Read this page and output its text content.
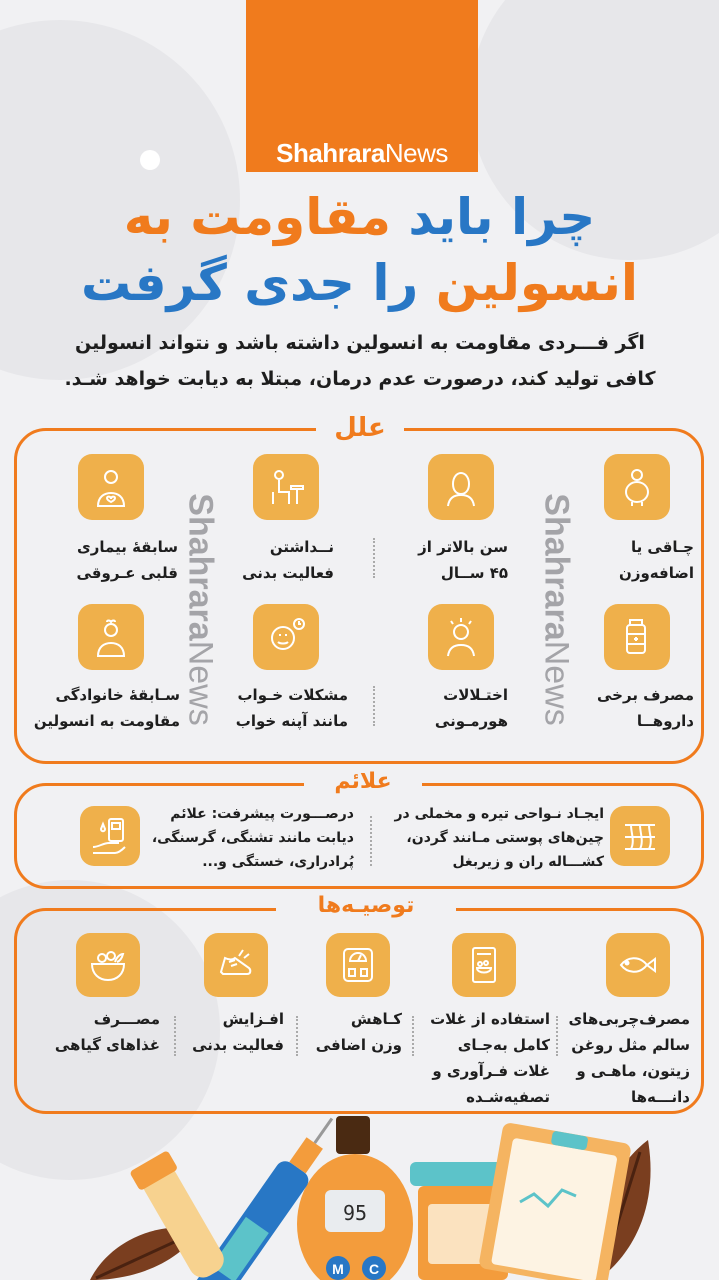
ShahraraNews
چرا باید مقاومت به
انسولین را جدی گرفت
اگر فـــردی مقاومت به انسولین داشته باشد و نتواند انسولین
کافی تولید کند، درصورت عدم درمان، مبتلا به دیابت خواهد شـد.
علل
ShahraraNews
ShahraraNews
چـاقی یا
اضافه‌وزن
سن بالاتر از
۴۵ ســال
نــداشتن
فعالیت بدنی
سابقۀ بیماری
قلبی عـروقی
مصرف برخی
داروهــا
اختـلالات
هورمـونی
مشکلات خـواب
مانند آپنه خواب
سـابقۀ خانوادگی
مقاومت به انسولین
علائم
ایجـاد نـواحی تیره و مخملی در
چین‌های پوستی مـانند گردن،
کشـــاله ران و زیربغل
درصـــورت پیشرفت: علائم
دیابت مانند تشنگی، گرسنگی،
پُرادراری، خستگی و...
توصیـه‌ها
مصرف‌چربی‌های
سالم مثل روغن
زیتون، ماهـی و
دانـــه‌ها
استفاده از غلات
کامل به‌جـای
غلات فـرآوری و
تصفیه‌شـده
کـاهش
وزن اضافی
افـزایش
فعالیت بدنی
مصـــرف
غذاهای گیاهی
95
M C
